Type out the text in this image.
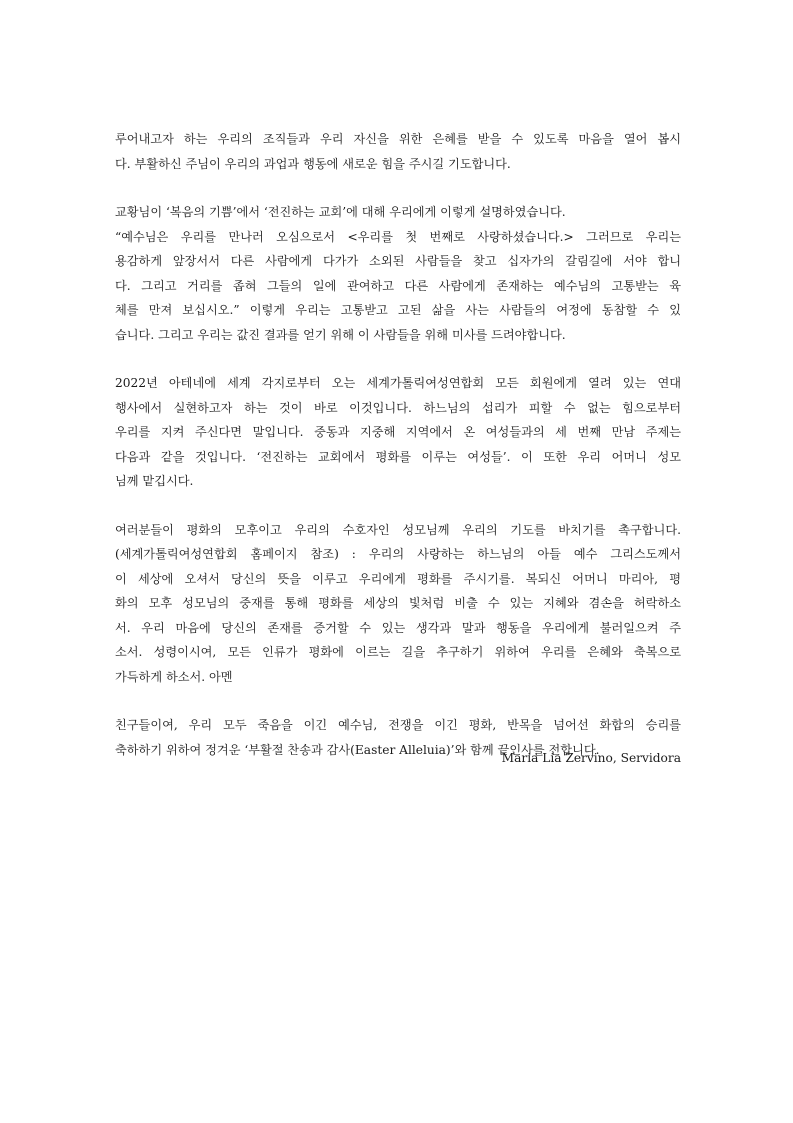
루어내고자 하는 우리의 조직들과 우리 자신을 위한 은혜를 받을 수 있도록 마음을 열어 봅시
다. 부활하신 주님이 우리의 과업과 행동에 새로운 힘을 주시길 기도합니다.
교황님이 ‘복음의 기쁨’에서 ‘전진하는 교회’에 대해 우리에게 이렇게 설명하였습니다.
“예수님은 우리를 만나러 오심으로서 <우리를 첫 번째로 사랑하셨습니다.> 그러므로 우리는
용감하게 앞장서서 다른 사람에게 다가가 소외된 사람들을 찾고 십자가의 갈림길에 서야 합니
다. 그리고 거리를 좁혀 그들의 일에 관여하고 다른 사람에게 존재하는 예수님의 고통받는 육
체를 만져 보십시오.” 이렇게 우리는 고통받고 고된 삶을 사는 사람들의 여정에 동참할 수 있
습니다. 그리고 우리는 값진 결과를 얻기 위해 이 사람들을 위해 미사를 드려야합니다.
2022년 아테네에 세계 각지로부터 오는 세계가톨릭여성연합회 모든 회원에게 열려 있는 연대
행사에서 실현하고자 하는 것이 바로 이것입니다. 하느님의 섭리가 피할 수 없는 힘으로부터
우리를 지켜 주신다면 말입니다. 중동과 지중해 지역에서 온 여성들과의 세 번째 만남 주제는
다음과 같을 것입니다. ‘전진하는 교회에서 평화를 이루는 여성들’. 이 또한 우리 어머니 성모
님께 맡깁시다.
여러분들이 평화의 모후이고 우리의 수호자인 성모님께 우리의 기도를 바치기를 촉구합니다.
(세계가톨릭여성연합회 홈페이지 참조) : 우리의 사랑하는 하느님의 아들 예수 그리스도께서
이 세상에 오셔서 당신의 뜻을 이루고 우리에게 평화를 주시기를. 복되신 어머니 마리아, 평
화의 모후 성모님의 중재를 통해 평화를 세상의 빛처럼 비출 수 있는 지혜와 겸손을 허락하소
서. 우리 마음에 당신의 존재를 증거할 수 있는 생각과 말과 행동을 우리에게 불러일으켜 주
소서. 성령이시여, 모든 인류가 평화에 이르는 길을 추구하기 위하여 우리를 은혜와 축복으로
가득하게 하소서. 아멘
친구들이여, 우리 모두 죽음을 이긴 예수님, 전쟁을 이긴 평화, 반목을 넘어선 화합의 승리를
축하하기 위하여 정겨운 ‘부활절 찬송과 감사(Easter Alleluia)’와 함께 끝인사를 전합니다.
Maria Lia Zervino, Servidora
